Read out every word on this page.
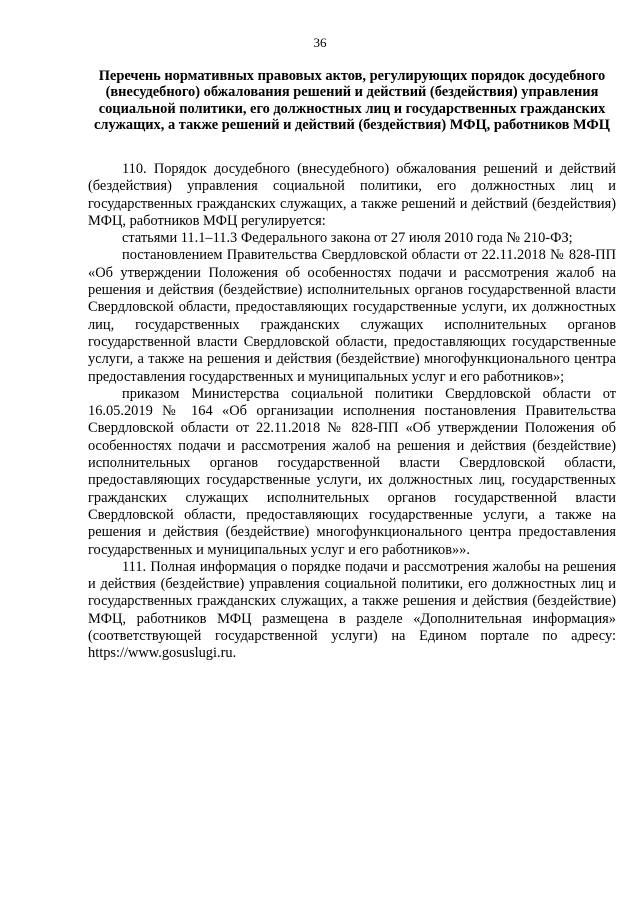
36
Перечень нормативных правовых актов, регулирующих порядок досудебного (внесудебного) обжалования решений и действий (бездействия) управления социальной политики, его должностных лиц и государственных гражданских служащих, а также решений и действий (бездействия) МФЦ, работников МФЦ

110. Порядок досудебного (внесудебного) обжалования решений и действий (бездействия) управления социальной политики, его должностных лиц и государственных гражданских служащих, а также решений и действий (бездействия) МФЦ, работников МФЦ регулируется:

статьями 11.1–11.3 Федерального закона от 27 июля 2010 года № 210-ФЗ;

постановлением Правительства Свердловской области от 22.11.2018 № 828-ПП «Об утверждении Положения об особенностях подачи и рассмотрения жалоб на решения и действия (бездействие) исполнительных органов государственной власти Свердловской области, предоставляющих государственные услуги, их должностных лиц, государственных гражданских служащих исполнительных органов государственной власти Свердловской области, предоставляющих государственные услуги, а также на решения и действия (бездействие) многофункционального центра предоставления государственных и муниципальных услуг и его работников»;

приказом Министерства социальной политики Свердловской области от 16.05.2019 № 164 «Об организации исполнения постановления Правительства Свердловской области от 22.11.2018 № 828-ПП «Об утверждении Положения об особенностях подачи и рассмотрения жалоб на решения и действия (бездействие) исполнительных органов государственной власти Свердловской области, предоставляющих государственные услуги, их должностных лиц, государственных гражданских служащих исполнительных органов государственной власти Свердловской области, предоставляющих государственные услуги, а также на решения и действия (бездействие) многофункционального центра предоставления государственных и муниципальных услуг и его работников»».

111. Полная информация о порядке подачи и рассмотрения жалобы на решения и действия (бездействие) управления социальной политики, его должностных лиц и государственных гражданских служащих, а также решения и действия (бездействие) МФЦ, работников МФЦ размещена в разделе «Дополнительная информация» (соответствующей государственной услуги) на Едином портале по адресу: https://www.gosuslugi.ru.
